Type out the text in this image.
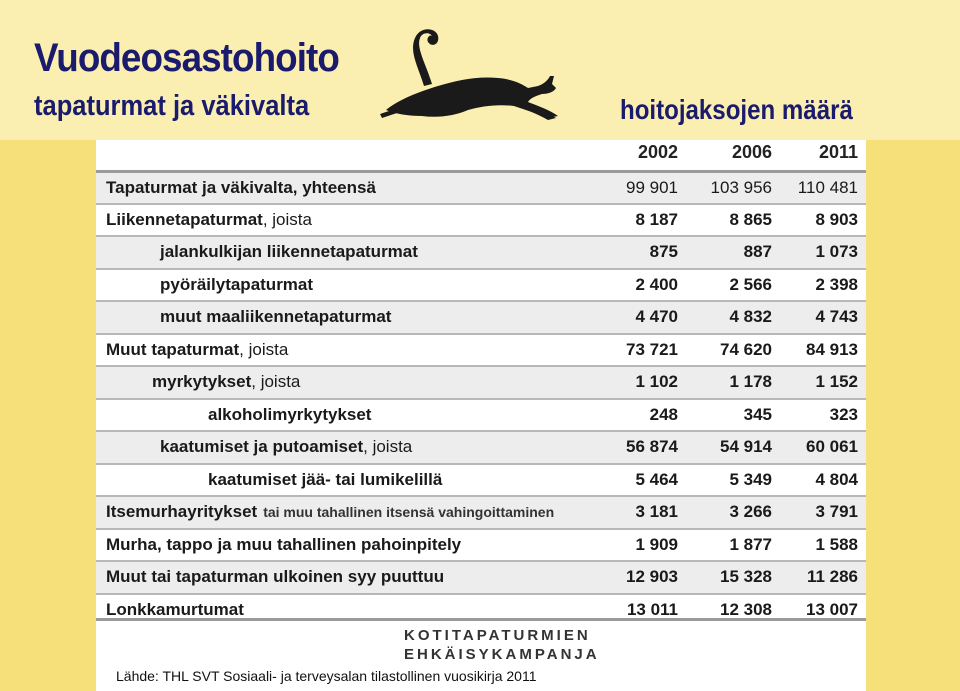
Vuodeosastohoito
tapaturmat ja väkivalta	hoitojaksojen määrä
2002	2006	2011
Tapaturmat ja väkivalta, yhteensä	99 901	103 956	110 481
Liikennetapaturmat, joista	8 187	8 865	8 903
jalankulkijan liikennetapaturmat	875	887	1 073
pyöräilytapaturmat	2 400	2 566	2 398
muut maaliikennetapaturmat	4 470	4 832	4 743
Muut tapaturmat, joista	73 721	74 620	84 913
myrkytykset, joista	1 102	1 178	1 152
alkoholimyrkytykset	248	345	323
kaatumiset ja putoamiset, joista	56 874	54 914	60 061
kaatumiset jää- tai lumikelillä	5 464	5 349	4 804
Itsemurhayritykset tai muu tahallinen itsensä vahingoittaminen	3 181	3 266	3 791
Murha, tappo ja muu tahallinen pahoinpitely	1 909	1 877	1 588
Muut tai tapaturman ulkoinen syy puuttuu	12 903	15 328	11 286
Lonkkamurtumat	13 011	12 308	13 007
KOTITAPATURMIEN
EHKÄISYKAMPANJA
Lähde: THL SVT Sosiaali- ja terveysalan tilastollinen vuosikirja 2011
